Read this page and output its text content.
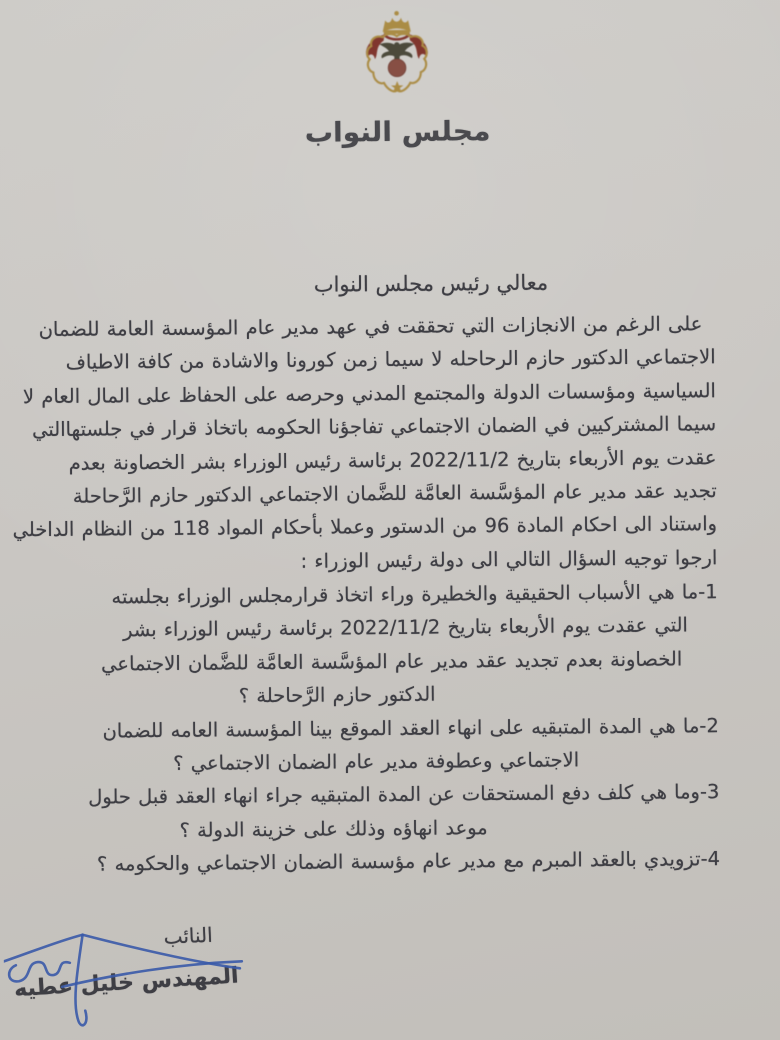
مجلس النواب
معالي رئيس مجلس النواب
على الرغم من الانجازات التي تحققت في عهد مدير عام المؤسسة العامة للضمان
الاجتماعي الدكتور حازم الرحاحله لا سيما زمن كورونا والاشادة من كافة الاطياف
السياسية ومؤسسات الدولة والمجتمع المدني وحرصه على الحفاظ على المال العام لا
سيما المشتركيين في الضمان الاجتماعي تفاجؤنا الحكومه باتخاذ قرار في جلستهاالتي
عقدت يوم الأربعاء بتاريخ 2022/11/2 برئاسة رئيس الوزراء بشر الخصاونة بعدم
تجديد عقد مدير عام المؤسَّسة العامَّة للضَّمان الاجتماعي الدكتور حازم الرَّحاحلة
واستناد الى احكام المادة 96 من الدستور وعملا بأحكام المواد 118 من النظام الداخلي
ارجوا توجيه السؤال التالي الى دولة رئيس الوزراء :
1-ما هي الأسباب الحقيقية والخطيرة وراء اتخاذ قرارمجلس الوزراء بجلسته
التي عقدت يوم الأربعاء بتاريخ 2022/11/2 برئاسة رئيس الوزراء بشر
الخصاونة بعدم تجديد عقد مدير عام المؤسَّسة العامَّة للضَّمان الاجتماعي
الدكتور حازم الرَّحاحلة ؟
2-ما هي المدة المتبقيه على انهاء العقد الموقع بينا المؤسسة العامه للضمان
الاجتماعي وعطوفة مدير عام الضمان الاجتماعي ؟
3-وما هي كلف دفع المستحقات عن المدة المتبقيه جراء انهاء العقد قبل حلول
موعد انهاؤه وذلك على خزينة الدولة ؟
4-تزويدي بالعقد المبرم مع مدير عام مؤسسة الضمان الاجتماعي والحكومه ؟
النائب
المهندس خليل عطيه
